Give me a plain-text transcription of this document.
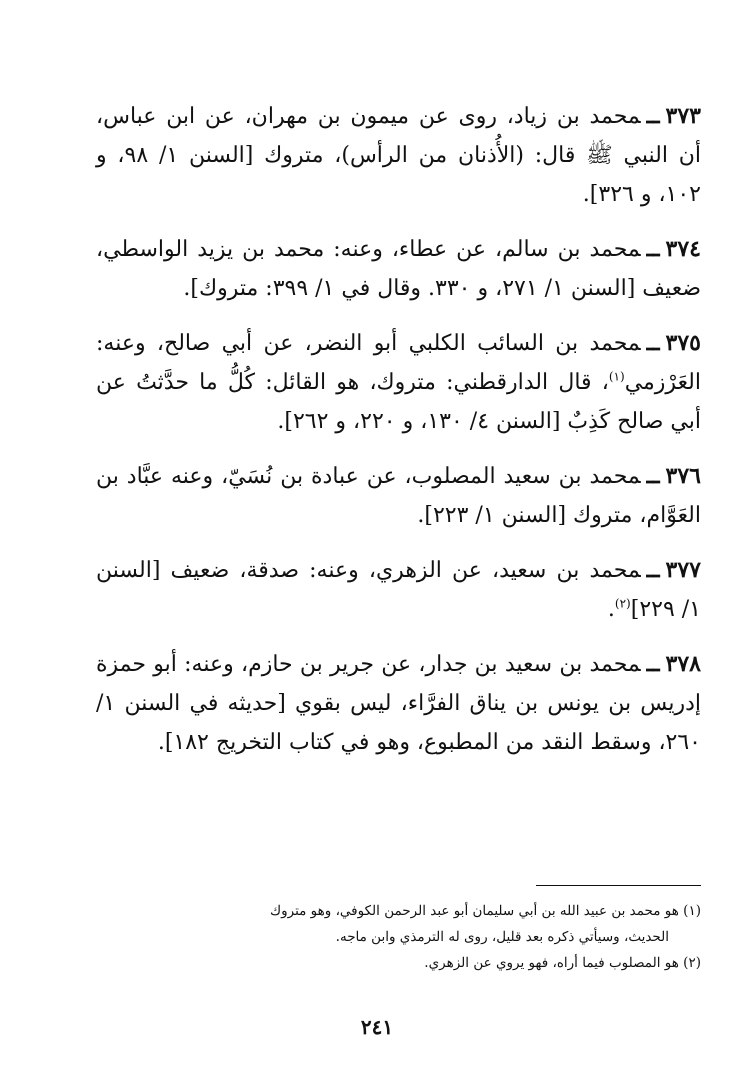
٣٧٣ــمحمد بن زياد، روى عن ميمون بن مهران، عن ابن عباس، أن النبي ﷺ قال: (الأُذنان من الرأس)، متروك [السنن ١/ ٩٨، و ١٠٢، و ٣٢٦].

٣٧٤ــمحمد بن سالم، عن عطاء، وعنه: محمد بن يزيد الواسطي، ضعيف [السنن ١/ ٢٧١، و ٣٣٠. وقال في ١/ ٣٩٩: متروك].

٣٧٥ــمحمد بن السائب الكلبي أبو النضر، عن أبي صالح، وعنه: العَرْزمي$^{(١)}$، قال الدارقطني: متروك، هو القائل: كُلُّ ما حدَّثتُ عن أبي صالح كَذِبٌ [السنن ٤/ ١٣٠، و ٢٢٠، و ٢٦٢].

٣٧٦ــمحمد بن سعيد المصلوب، عن عبادة بن نُسَيّ، وعنه عبَّاد بن العَوَّام، متروك [السنن ١/ ٢٢٣].

٣٧٧ــمحمد بن سعيد، عن الزهري، وعنه: صدقة، ضعيف [السنن ١/ ٢٢٩]$^{(٢)}$.

٣٧٨ــمحمد بن سعيد بن جدار، عن جرير بن حازم، وعنه: أبو حمزة إدريس بن يونس بن يناق الفرَّاء، ليس بقوي [حديثه في السنن ١/ ٢٦٠، وسقط النقد من المطبوع، وهو في كتاب التخريج ١٨٢].

(١) هو محمد بن عبيد الله بن أبي سليمان أبو عبد الرحمن الكوفي، وهو متروك
الحديث، وسيأتي ذكره بعد قليل، روى له الترمذي وابن ماجه.
(٢) هو المصلوب فيما أراه، فهو يروي عن الزهري.
٢٤١
